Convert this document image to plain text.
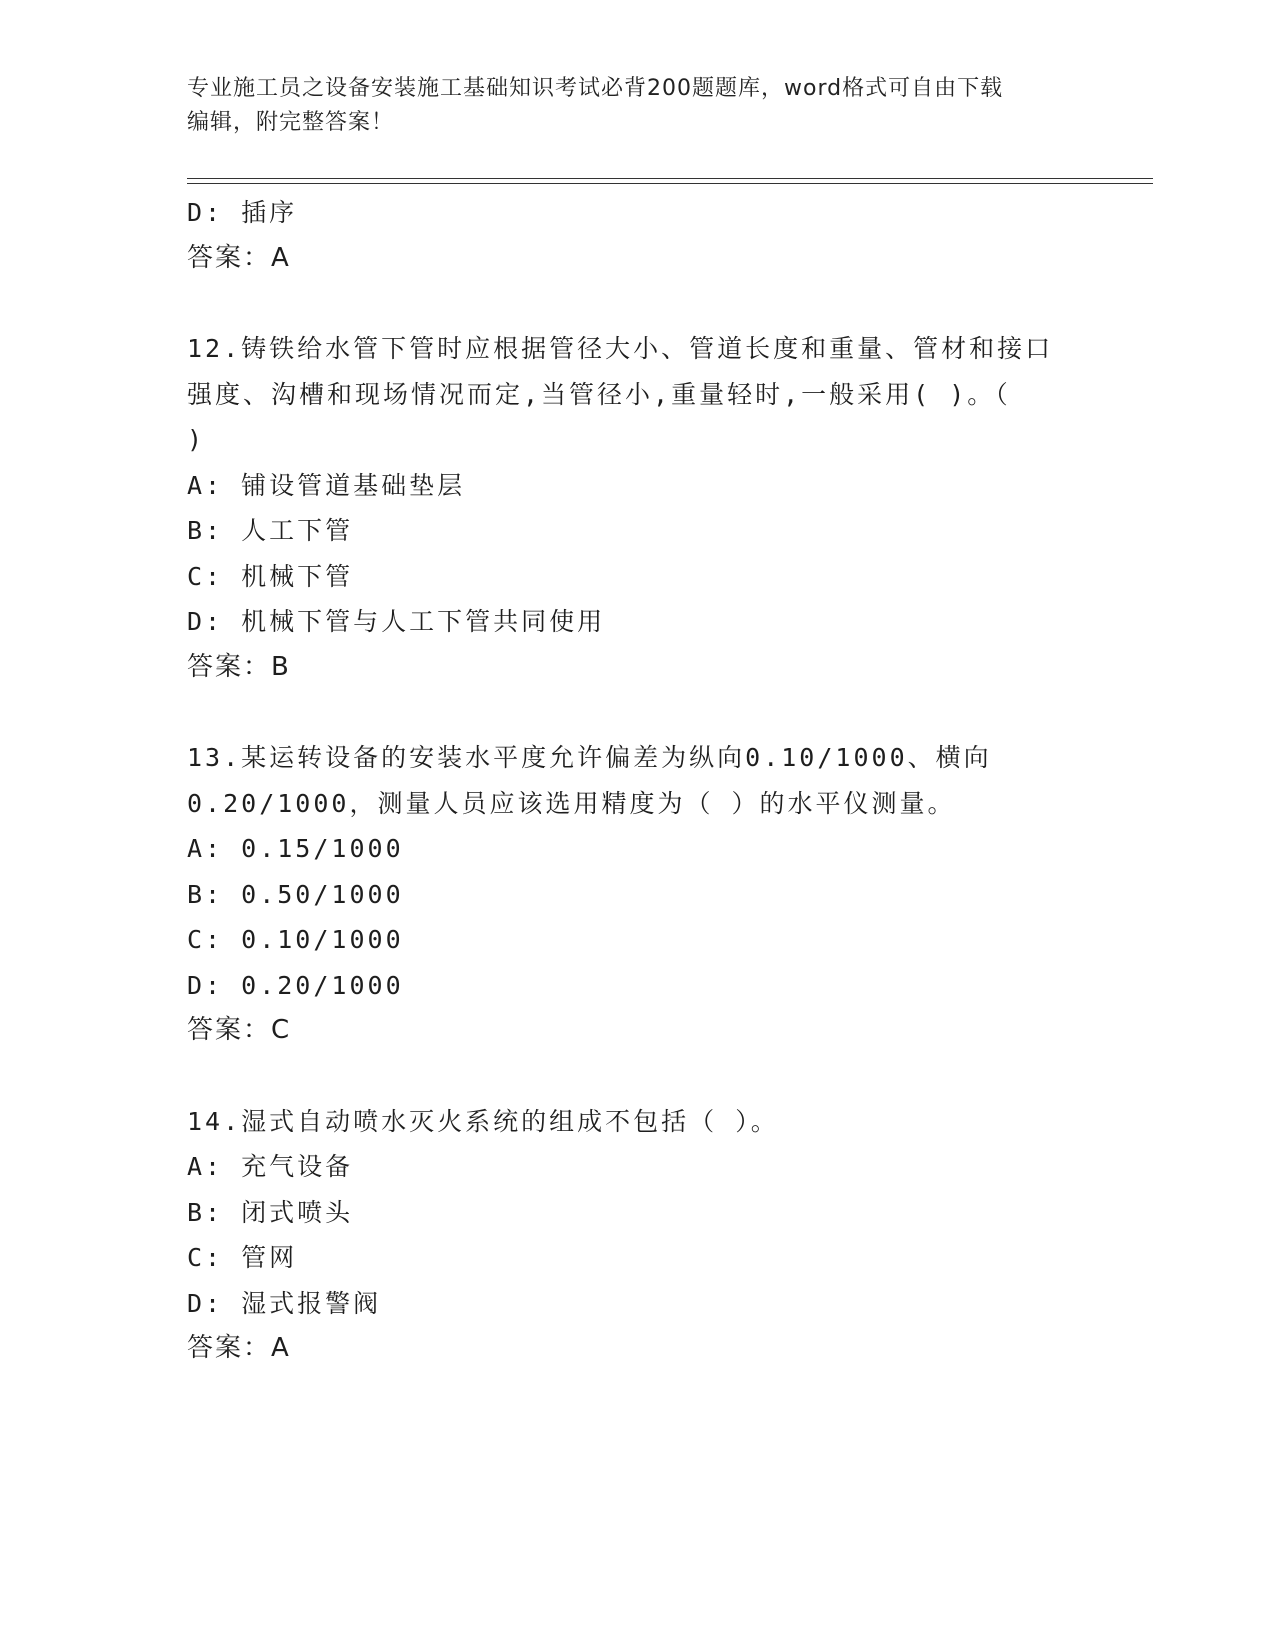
专业施工员之设备安装施工基础知识考试必背200题题库，word格式可自由下载
编辑，附完整答案！
D: 插序
答案：A
12.铸铁给水管下管时应根据管径大小、管道长度和重量、管材和接口
强度、沟槽和现场情况而定,当管径小,重量轻时,一般采用( )。（
)
A: 铺设管道基础垫层
B: 人工下管
C: 机械下管
D: 机械下管与人工下管共同使用
答案：B
13.某运转设备的安装水平度允许偏差为纵向0.10/1000、横向
0.20/1000，测量人员应该选用精度为（ ）的水平仪测量。
A: 0.15/1000
B: 0.50/1000
C: 0.10/1000
D: 0.20/1000
答案：C
14.湿式自动喷水灭火系统的组成不包括（ ）。
A: 充气设备
B: 闭式喷头
C: 管网
D: 湿式报警阀
答案：A
